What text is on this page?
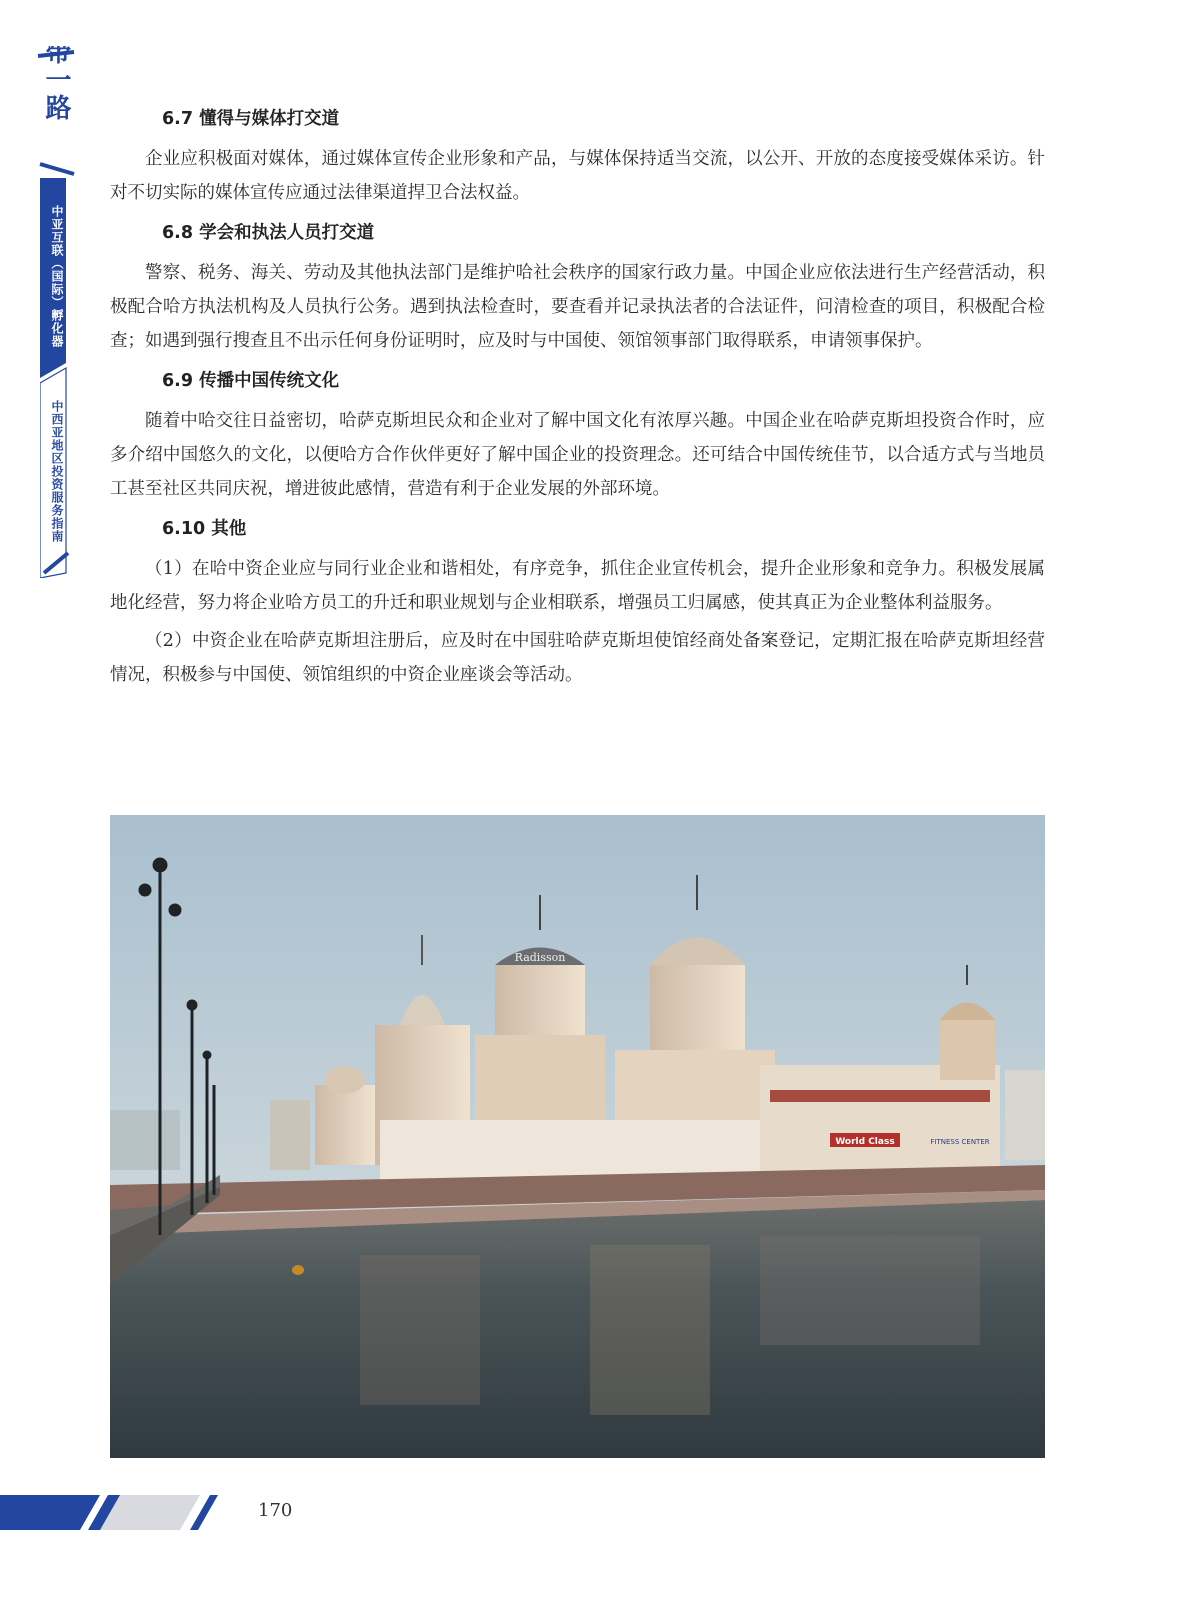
一带一路
中亚互联（国际）孵化器
中西亚地区投资服务指南
6.7 懂得与媒体打交道

企业应积极面对媒体，通过媒体宣传企业形象和产品，与媒体保持适当交流，以公开、开放的态度接受媒体采访。针对不切实际的媒体宣传应通过法律渠道捍卫合法权益。

6.8 学会和执法人员打交道

警察、税务、海关、劳动及其他执法部门是维护哈社会秩序的国家行政力量。中国企业应依法进行生产经营活动，积极配合哈方执法机构及人员执行公务。遇到执法检查时，要查看并记录执法者的合法证件，问清检查的项目，积极配合检查；如遇到强行搜查且不出示任何身份证明时，应及时与中国使、领馆领事部门取得联系，申请领事保护。

6.9 传播中国传统文化

随着中哈交往日益密切，哈萨克斯坦民众和企业对了解中国文化有浓厚兴趣。中国企业在哈萨克斯坦投资合作时，应多介绍中国悠久的文化，以便哈方合作伙伴更好了解中国企业的投资理念。还可结合中国传统佳节，以合适方式与当地员工甚至社区共同庆祝，增进彼此感情，营造有利于企业发展的外部环境。

6.10 其他

（1）在哈中资企业应与同行业企业和谐相处，有序竞争，抓住企业宣传机会，提升企业形象和竞争力。积极发展属地化经营，努力将企业哈方员工的升迁和职业规划与企业相联系，增强员工归属感，使其真正为企业整体利益服务。

（2）中资企业在哈萨克斯坦注册后，应及时在中国驻哈萨克斯坦使馆经商处备案登记，定期汇报在哈萨克斯坦经营情况，积极参与中国使、领馆组织的中资企业座谈会等活动。

Radisson
World Class	FITNESS CENTER
170
